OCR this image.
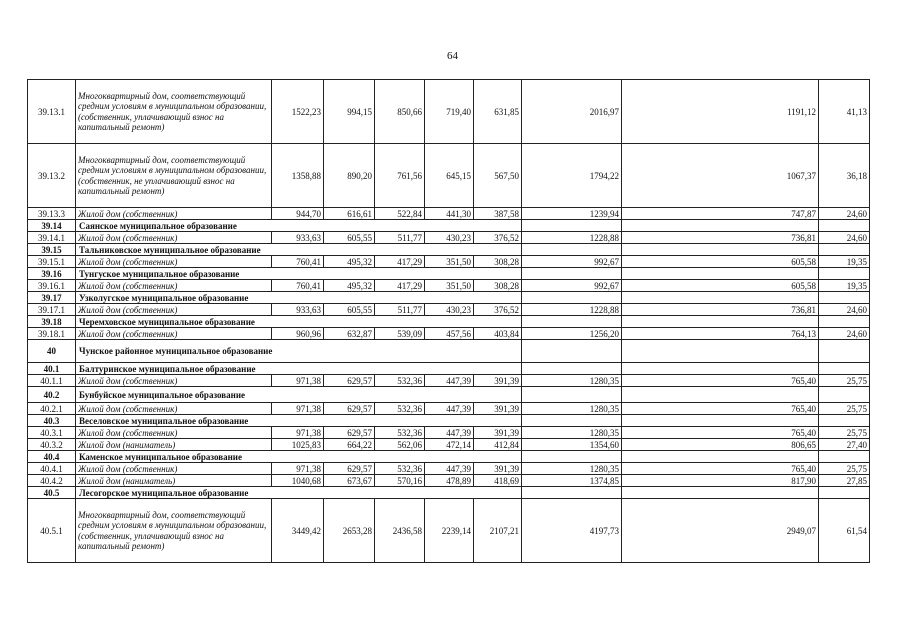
64
39.13.1	Многоквартирный дом, соответствующий средним условиям в муниципальном образовании, (собственник, уплачивающий взнос на капитальный ремонт)	1522,23	994,15	850,66	719,40	631,85	2016,97	1191,12	41,13
39.13.2	Многоквартирный дом, соответствующий средним условиям в муниципальном образовании, (собственник, не уплачивающий взнос на капитальный ремонт)	1358,88	890,20	761,56	645,15	567,50	1794,22	1067,37	36,18
39.13.3	Жилой дом (собственник)	944,70	616,61	522,84	441,30	387,58	1239,94	747,87	24,60
39.14	Саянское муниципальное образование								
39.14.1	Жилой дом (собственник)	933,63	605,55	511,77	430,23	376,52	1228,88	736,81	24,60
39.15	Тальниковское муниципальное образование								
39.15.1	Жилой дом (собственник)	760,41	495,32	417,29	351,50	308,28	992,67	605,58	19,35
39.16	Тунгуское муниципальное образование								
39.16.1	Жилой дом (собственник)	760,41	495,32	417,29	351,50	308,28	992,67	605,58	19,35
39.17	Узколугское муниципальное образование								
39.17.1	Жилой дом (собственник)	933,63	605,55	511,77	430,23	376,52	1228,88	736,81	24,60
39.18	Черемховское муниципальное образование								
39.18.1	Жилой дом (собственник)	960,96	632,87	539,09	457,56	403,84	1256,20	764,13	24,60
40	Чунское районное муниципальное образование								
40.1	Балтуринское муниципальное образование								
40.1.1	Жилой дом (собственник)	971,38	629,57	532,36	447,39	391,39	1280,35	765,40	25,75
40.2	Бунбуйское муниципальное образование								
40.2.1	Жилой дом (собственник)	971,38	629,57	532,36	447,39	391,39	1280,35	765,40	25,75
40.3	Веселовское муниципальное образование								
40.3.1	Жилой дом (собственник)	971,38	629,57	532,36	447,39	391,39	1280,35	765,40	25,75
40.3.2	Жилой дом (наниматель)	1025,83	664,22	562,06	472,14	412,84	1354,60	806,65	27,40
40.4	Каменское муниципальное образование								
40.4.1	Жилой дом (собственник)	971,38	629,57	532,36	447,39	391,39	1280,35	765,40	25,75
40.4.2	Жилой дом (наниматель)	1040,68	673,67	570,16	478,89	418,69	1374,85	817,90	27,85
40.5	Лесогорское муниципальное образование								
40.5.1	Многоквартирный дом, соответствующий средним условиям в муниципальном образовании, (собственник, уплачивающий взнос на капитальный ремонт)	3449,42	2653,28	2436,58	2239,14	2107,21	4197,73	2949,07	61,54
